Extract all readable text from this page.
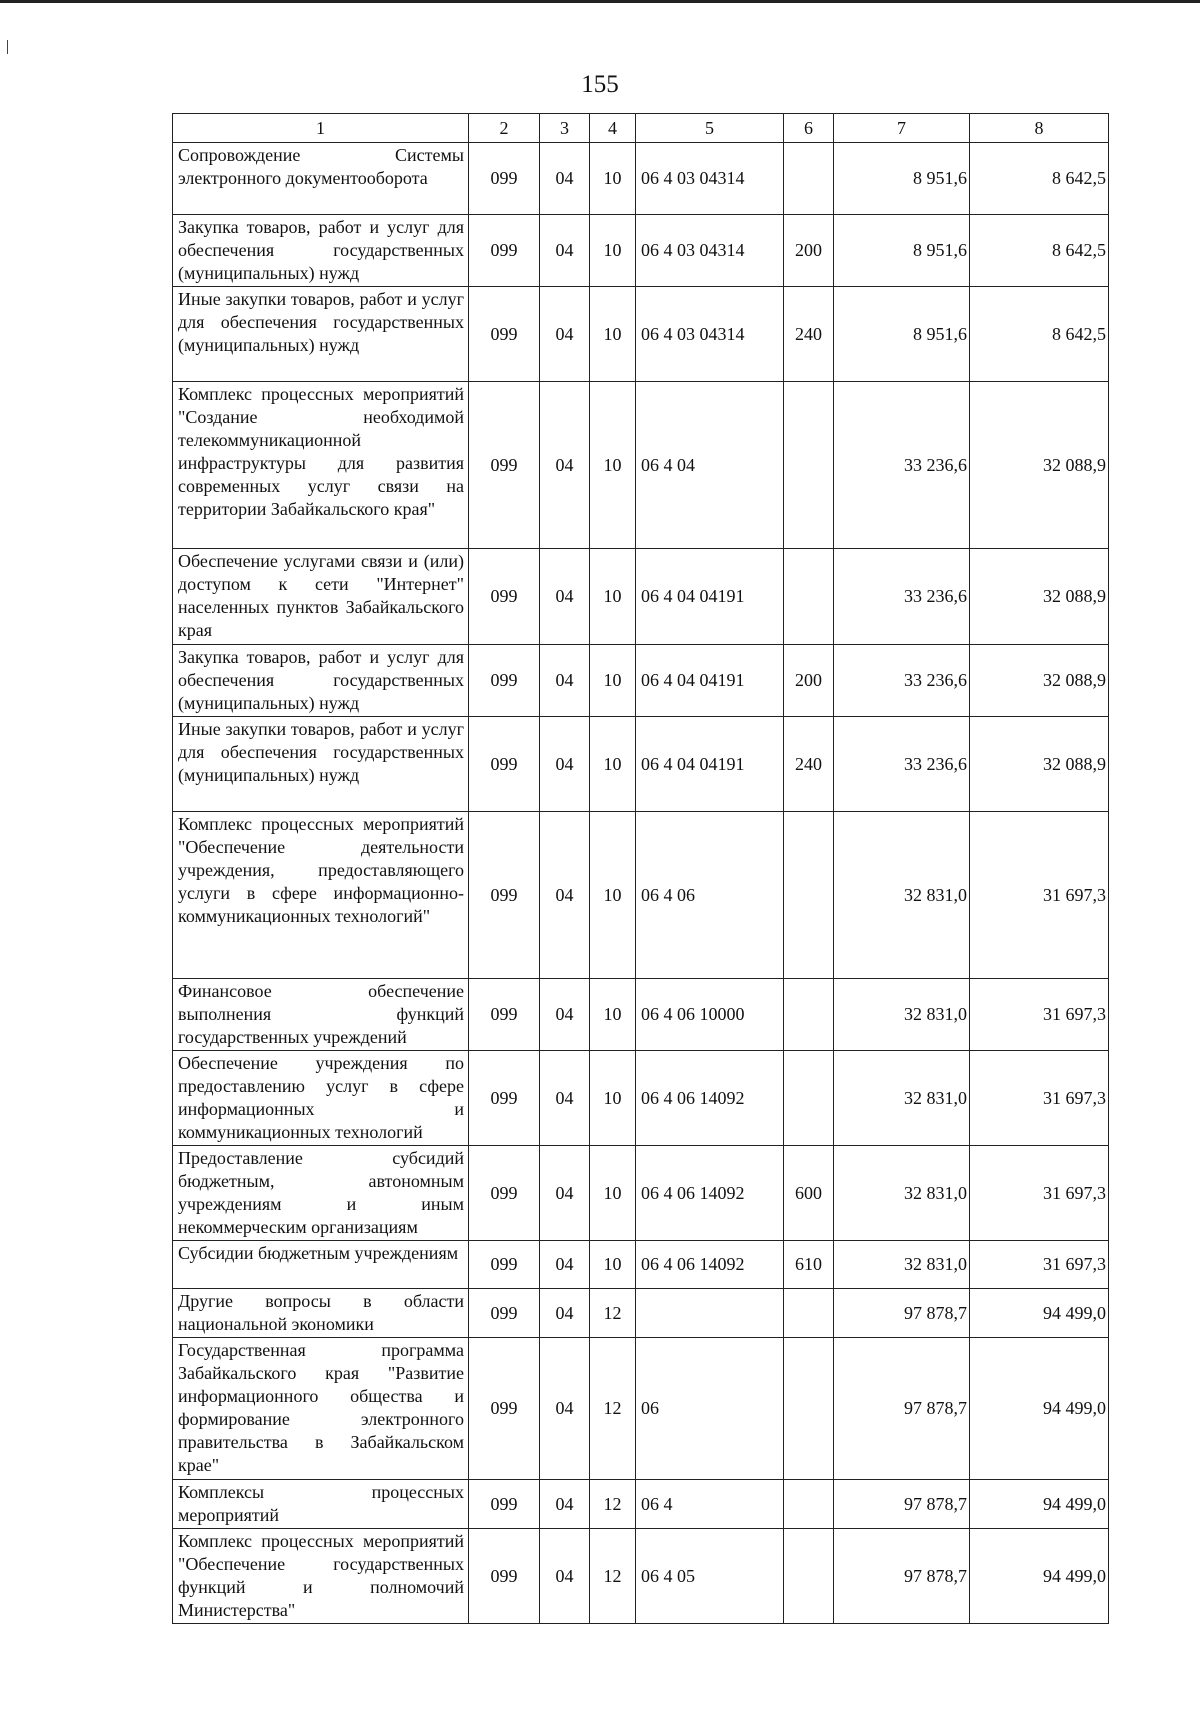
155
1	2	3	4	5	6	7	8
Сопровождение Системы электронного документооборота	099	04	10	06 4 03 04314		8 951,6	8 642,5
Закупка товаров, работ и услуг для обеспечения государственных (муниципальных) нужд	099	04	10	06 4 03 04314	200	8 951,6	8 642,5
Иные закупки товаров, работ и услуг для обеспечения государственных (муниципальных) нужд	099	04	10	06 4 03 04314	240	8 951,6	8 642,5
Комплекс процессных мероприятий "Создание необходимой телекоммуникационной инфраструктуры для развития современных услуг связи на территории Забайкальского края"	099	04	10	06 4 04		33 236,6	32 088,9
Обеспечение услугами связи и (или) доступом к сети "Интернет" населенных пунктов Забайкальского края	099	04	10	06 4 04 04191		33 236,6	32 088,9
Закупка товаров, работ и услуг для обеспечения государственных (муниципальных) нужд	099	04	10	06 4 04 04191	200	33 236,6	32 088,9
Иные закупки товаров, работ и услуг для обеспечения государственных (муниципальных) нужд	099	04	10	06 4 04 04191	240	33 236,6	32 088,9
Комплекс процессных мероприятий "Обеспечение деятельности учреждения, предоставляющего услуги в сфере информационно-коммуникационных технологий"	099	04	10	06 4 06		32 831,0	31 697,3
Финансовое обеспечение выполнения функций государственных учреждений	099	04	10	06 4 06 10000		32 831,0	31 697,3
Обеспечение учреждения по предоставлению услуг в сфере информационных и коммуникационных технологий	099	04	10	06 4 06 14092		32 831,0	31 697,3
Предоставление субсидий бюджетным, автономным учреждениям и иным некоммерческим организациям	099	04	10	06 4 06 14092	600	32 831,0	31 697,3
Субсидии бюджетным учреждениям	099	04	10	06 4 06 14092	610	32 831,0	31 697,3
Другие вопросы в области национальной экономики	099	04	12			97 878,7	94 499,0
Государственная программа Забайкальского края "Развитие информационного общества и формирование электронного правительства в Забайкальском крае"	099	04	12	06		97 878,7	94 499,0
Комплексы процессных мероприятий	099	04	12	06 4		97 878,7	94 499,0
Комплекс процессных мероприятий "Обеспечение государственных функций и полномочий Министерства"	099	04	12	06 4 05		97 878,7	94 499,0
